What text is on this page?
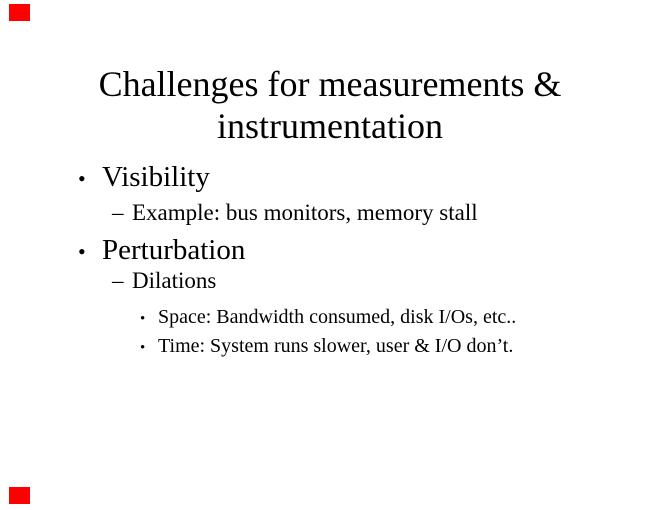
Challenges for measurements &
instrumentation
• Visibility
– Example: bus monitors, memory stall
• Perturbation
– Dilations
• Space: Bandwidth consumed, disk I/Os, etc..
• Time: System runs slower, user & I/O don’t.
